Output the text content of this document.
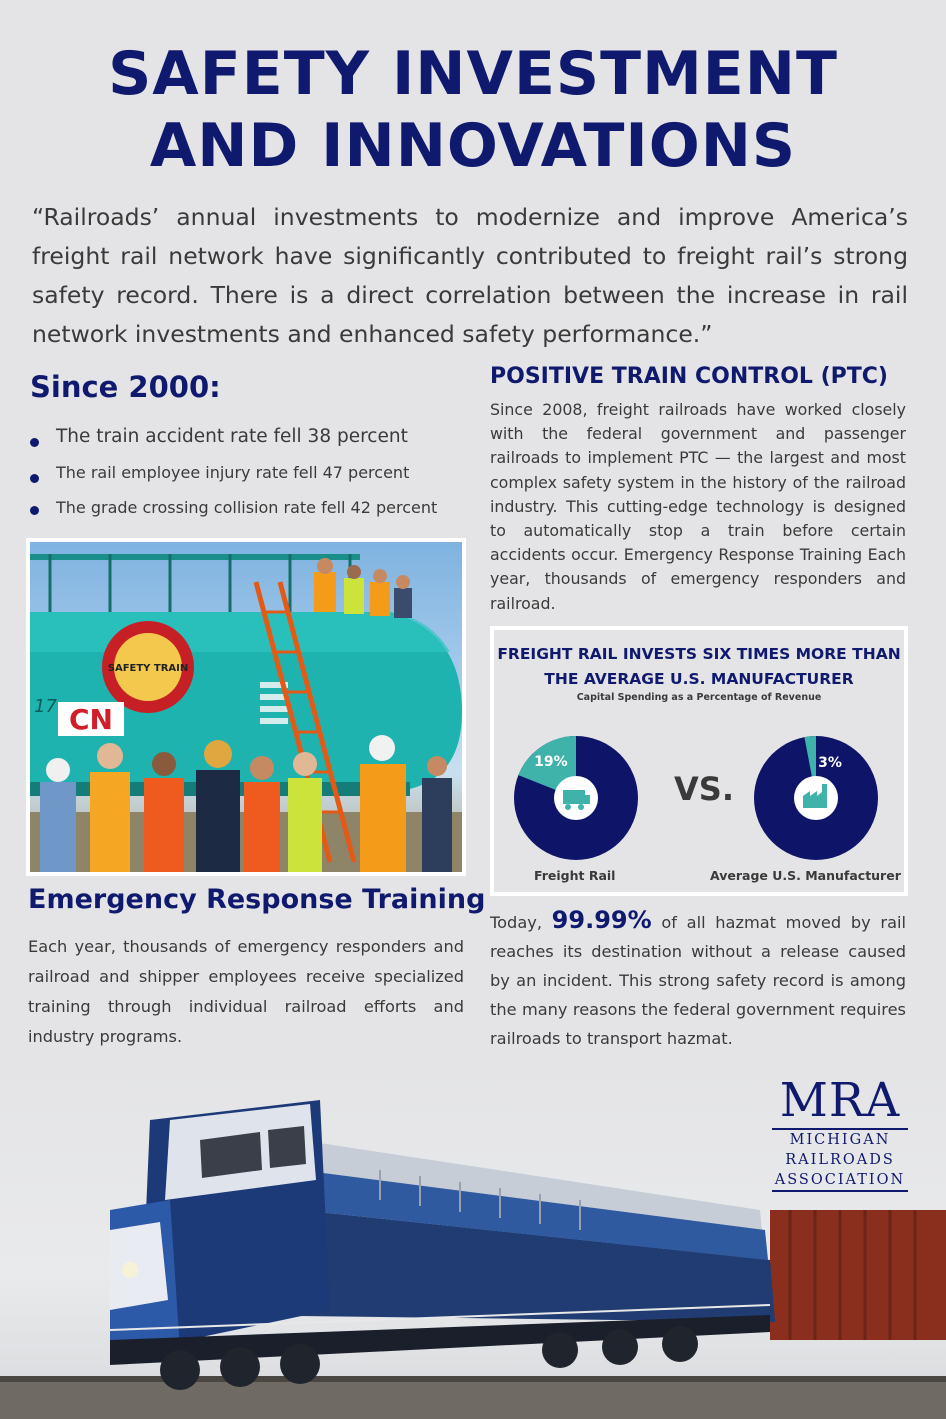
SAFETY INVESTMENT
AND INNOVATIONS
“Railroads’ annual investments to modernize and improve America’s freight rail network have significantly contributed to freight rail’s strong safety record. There is a direct correlation between the increase in rail network investments and enhanced safety performance.”
Since 2000:
The train accident rate fell 38 percent
The rail employee injury rate fell 47 percent
The grade crossing collision rate fell 42 percent
POSITIVE TRAIN CONTROL (PTC)
Since 2008, freight railroads have worked closely with the federal government and passenger railroads to implement PTC — the largest and most complex safety system in the history of the railroad industry. This cutting-edge technology is designed to automatically stop a train before certain accidents occur. Emergency Response Training Each year, thousands of emergency responders and railroad.
SAFETY TRAIN
CN
17
19%	3%
FREIGHT RAIL INVESTS SIX TIMES MORE THAN
THE AVERAGE U.S. MANUFACTURER
Capital Spending as a Percentage of Revenue
VS.
Freight Rail	Average U.S. Manufacturer
Emergency Response Training
Each year, thousands of emergency responders and railroad and shipper employees receive specialized training through individual railroad efforts and industry programs.
Today, 99.99% of all hazmat moved by rail reaches its destination without a release caused by an incident. This strong safety record is among the many reasons the federal government requires railroads to transport hazmat.
MRA
MICHIGAN
RAILROADS
ASSOCIATION
